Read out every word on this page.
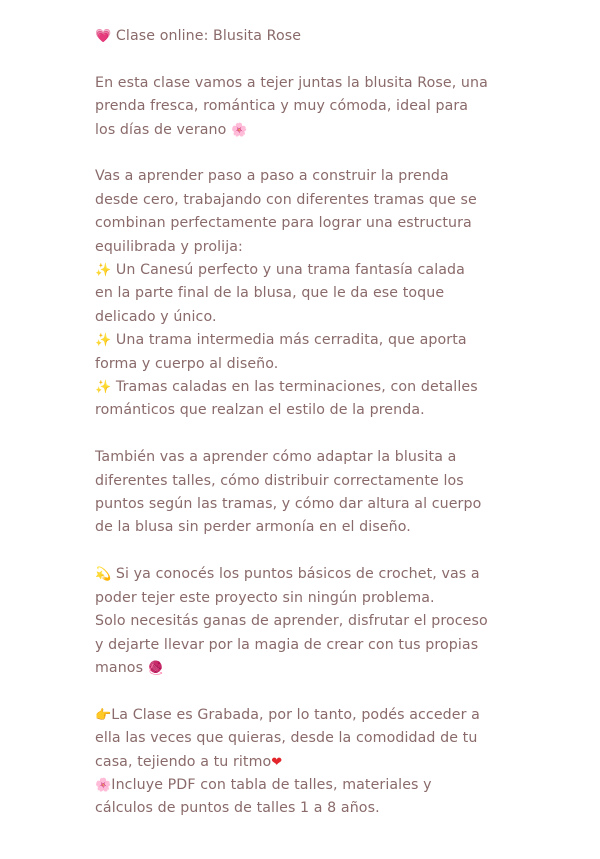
💗 Clase online: Blusita Rose
En esta clase vamos a tejer juntas la blusita Rose, una
prenda fresca, romántica y muy cómoda, ideal para
los días de verano 🌸
Vas a aprender paso a paso a construir la prenda
desde cero, trabajando con diferentes tramas que se
combinan perfectamente para lograr una estructura
equilibrada y prolija:
✨ Un Canesú perfecto y una trama fantasía calada
en la parte final de la blusa, que le da ese toque
delicado y único.
✨ Una trama intermedia más cerradita, que aporta
forma y cuerpo al diseño.
✨ Tramas caladas en las terminaciones, con detalles
románticos que realzan el estilo de la prenda.
También vas a aprender cómo adaptar la blusita a
diferentes talles, cómo distribuir correctamente los
puntos según las tramas, y cómo dar altura al cuerpo
de la blusa sin perder armonía en el diseño.
💫 Si ya conocés los puntos básicos de crochet, vas a
poder tejer este proyecto sin ningún problema.
Solo necesitás ganas de aprender, disfrutar el proceso
y dejarte llevar por la magia de crear con tus propias
manos 🧶
👉La Clase es Grabada, por lo tanto, podés acceder a
ella las veces que quieras, desde la comodidad de tu
casa, tejiendo a tu ritmo❤
🌸Incluye PDF con tabla de talles, materiales y
cálculos de puntos de talles 1 a 8 años.
